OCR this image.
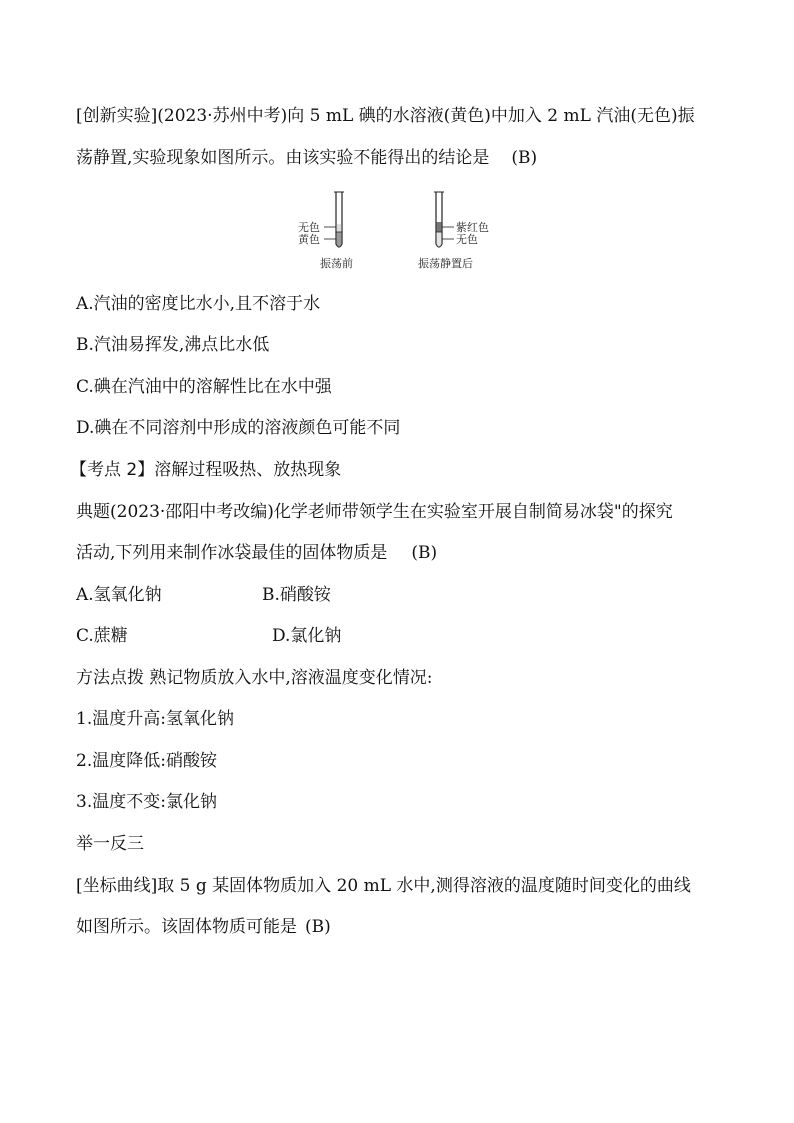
[创新实验](2023·苏州中考)向 5 mL 碘的水溶液(黄色)中加入 2 mL 汽油(无色)振
荡静置,实验现象如图所示。由该实验不能得出的结论是 (B)
无色
黄色
振荡前
紫红色
无色
振荡静置后
A.汽油的密度比水小,且不溶于水
B.汽油易挥发,沸点比水低
C.碘在汽油中的溶解性比在水中强
D.碘在不同溶剂中形成的溶液颜色可能不同
【考点 2】溶解过程吸热、放热现象
典题(2023·邵阳中考改编)化学老师带领学生在实验室开展自制简易冰袋"的探究
活动,下列用来制作冰袋最佳的固体物质是 (B)
A.氢氧化钠	B.硝酸铵
C.蔗糖	D.氯化钠
方法点拨 熟记物质放入水中,溶液温度变化情况:
1.温度升高:氢氧化钠
2.温度降低:硝酸铵
3.温度不变:氯化钠
举一反三
[坐标曲线]取 5 g 某固体物质加入 20 mL 水中,测得溶液的温度随时间变化的曲线
如图所示。该固体物质可能是 (B)
